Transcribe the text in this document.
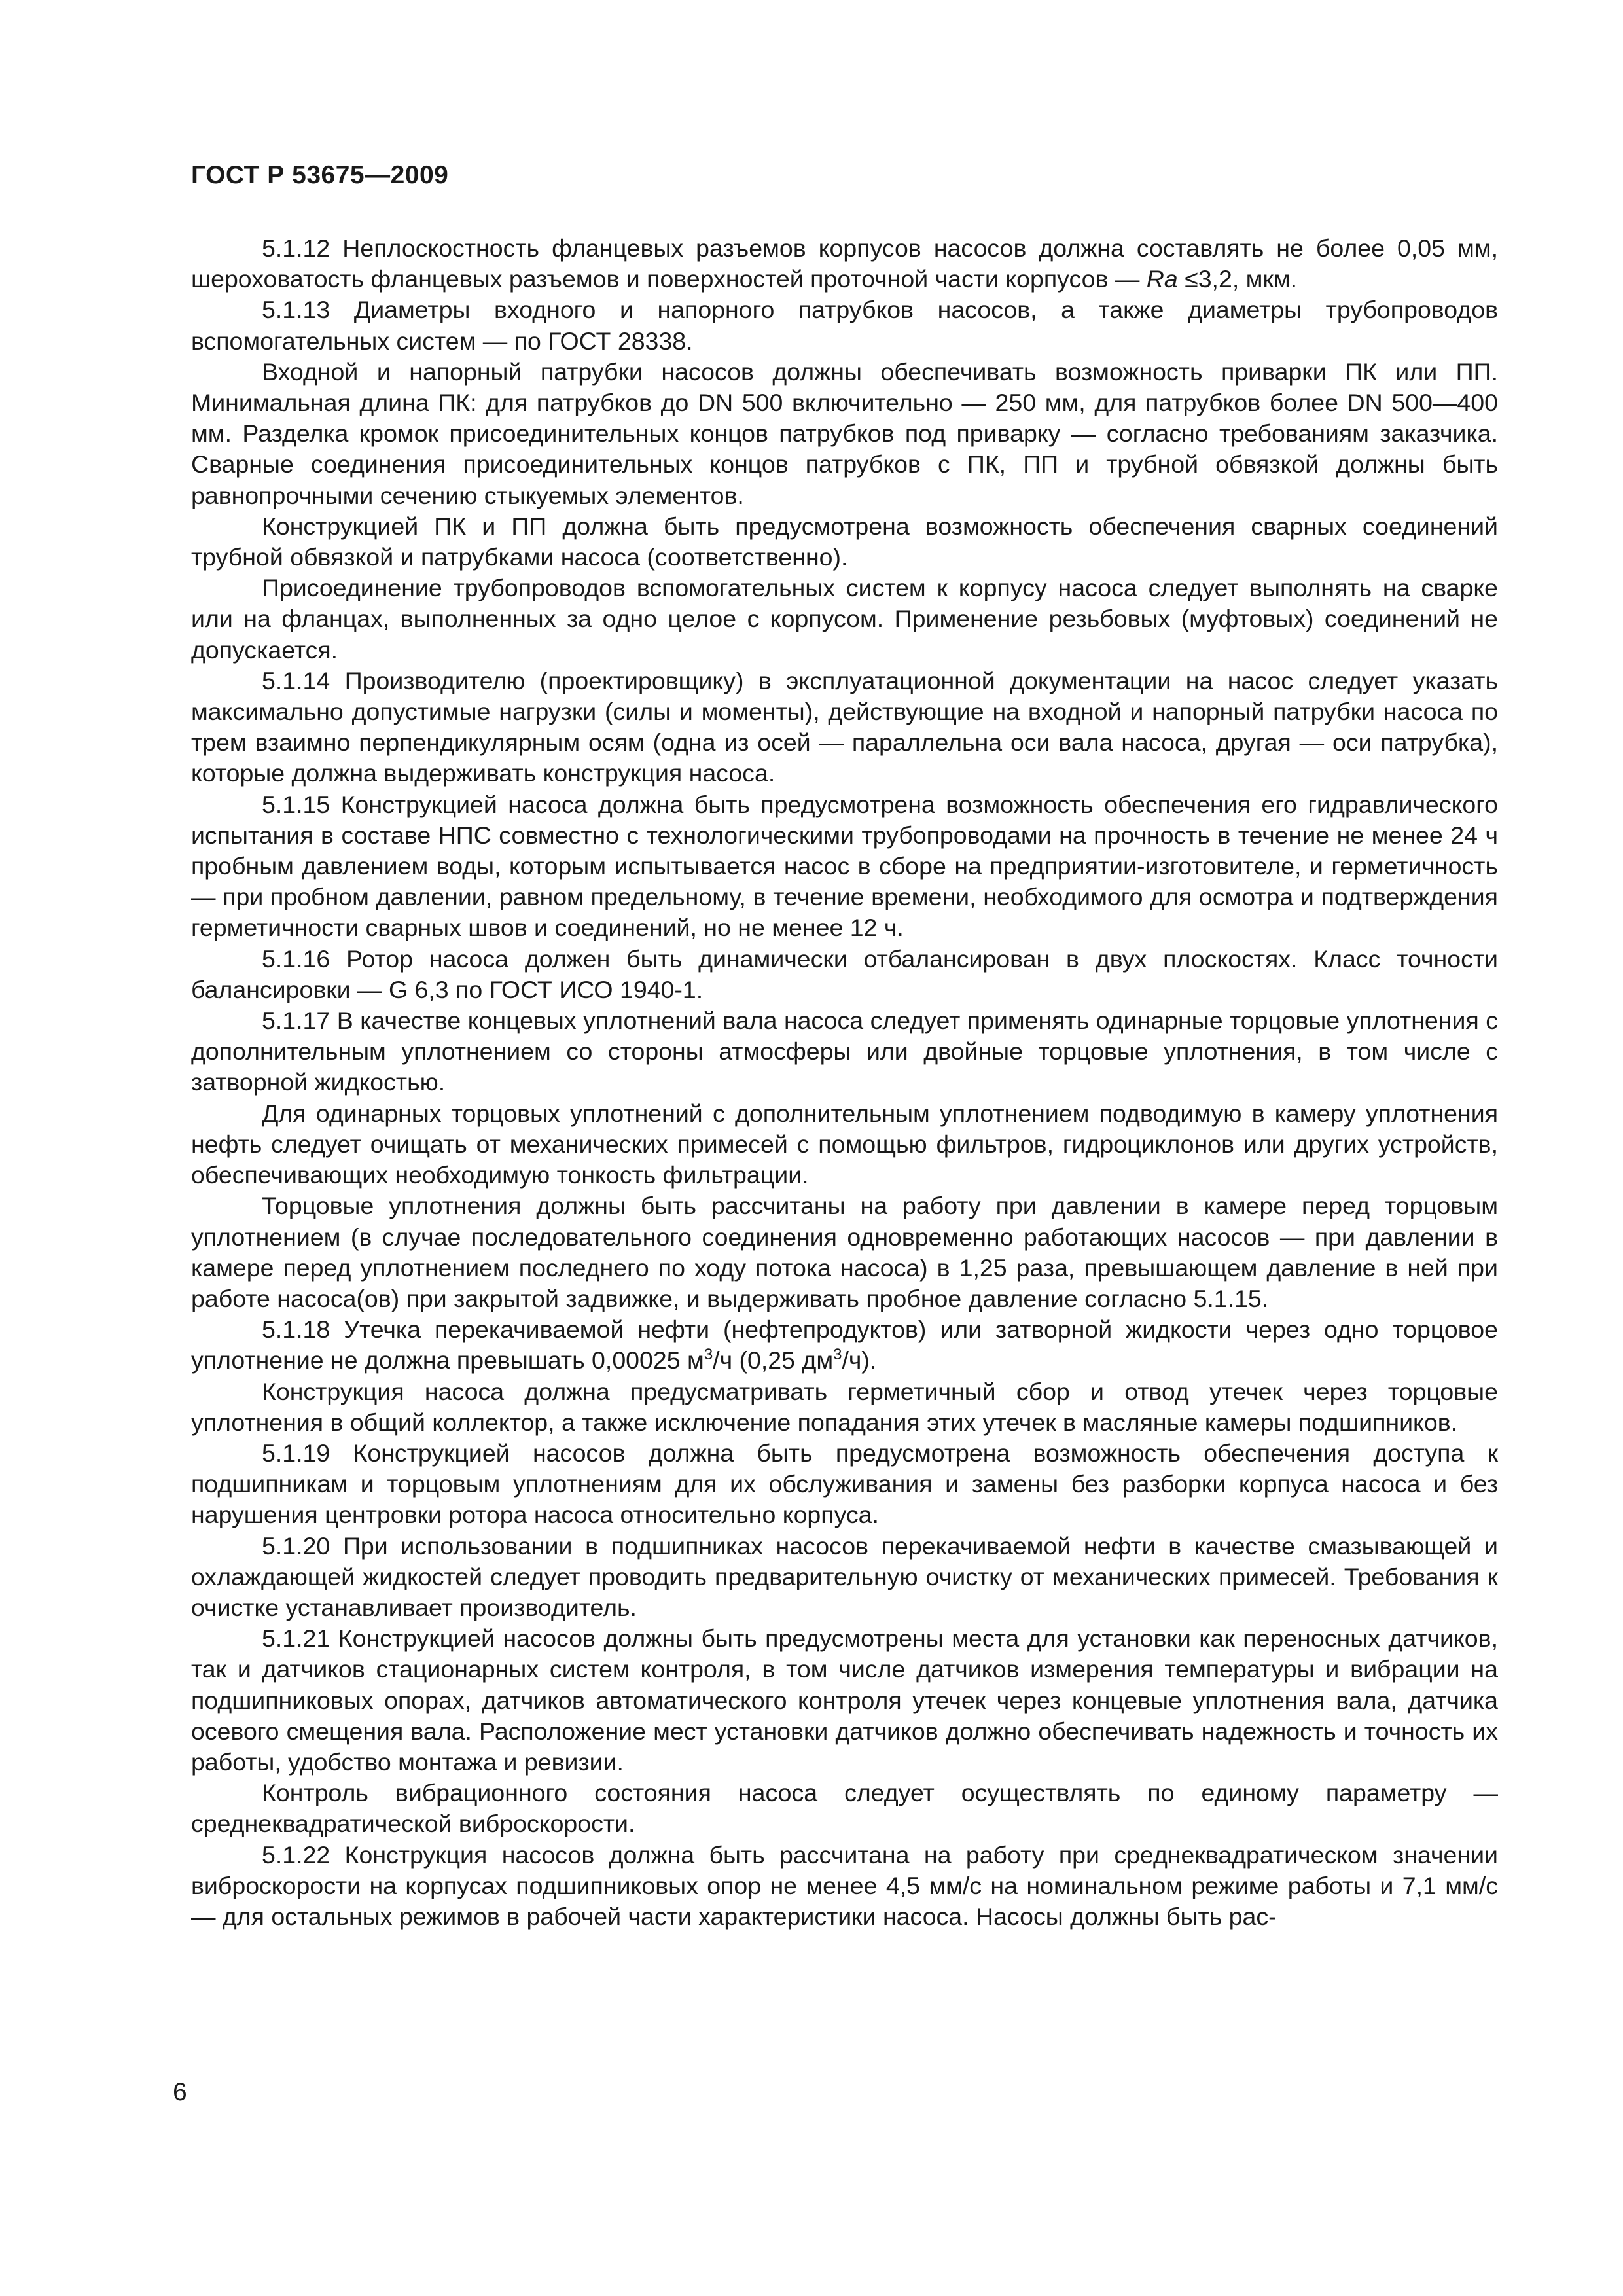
ГОСТ Р 53675—2009

5.1.12 Неплоскостность фланцевых разъемов корпусов насосов должна составлять не более 0,05 мм, шероховатость фланцевых разъемов и поверхностей проточной части корпусов — Ra ≤3,2, мкм.

5.1.13 Диаметры входного и напорного патрубков насосов, а также диаметры трубопроводов вспомогательных систем — по ГОСТ 28338.

Входной и напорный патрубки насосов должны обеспечивать возможность приварки ПК или ПП. Минимальная длина ПК: для патрубков до DN 500 включительно — 250 мм, для патрубков более DN 500—400 мм. Разделка кромок присоединительных концов патрубков под приварку — согласно требованиям заказчика. Сварные соединения присоединительных концов патрубков с ПК, ПП и трубной обвязкой должны быть равнопрочными сечению стыкуемых элементов.

Конструкцией ПК и ПП должна быть предусмотрена возможность обеспечения сварных соединений трубной обвязкой и патрубками насоса (соответственно).

Присоединение трубопроводов вспомогательных систем к корпусу насоса следует выполнять на сварке или на фланцах, выполненных за одно целое с корпусом. Применение резьбовых (муфтовых) соединений не допускается.

5.1.14 Производителю (проектировщику) в эксплуатационной документации на насос следует указать максимально допустимые нагрузки (силы и моменты), действующие на входной и напорный патрубки насоса по трем взаимно перпендикулярным осям (одна из осей — параллельна оси вала насоса, другая — оси патрубка), которые должна выдерживать конструкция насоса.

5.1.15 Конструкцией насоса должна быть предусмотрена возможность обеспечения его гидравлического испытания в составе НПС совместно с технологическими трубопроводами на прочность в течение не менее 24 ч пробным давлением воды, которым испытывается насос в сборе на предприятии-изготовителе, и герметичность — при пробном давлении, равном предельному, в течение времени, необходимого для осмотра и подтверждения герметичности сварных швов и соединений, но не менее 12 ч.

5.1.16 Ротор насоса должен быть динамически отбалансирован в двух плоскостях. Класс точности балансировки — G 6,3 по ГОСТ ИСО 1940-1.

5.1.17 В качестве концевых уплотнений вала насоса следует применять одинарные торцовые уплотнения с дополнительным уплотнением со стороны атмосферы или двойные торцовые уплотнения, в том числе с затворной жидкостью.

Для одинарных торцовых уплотнений с дополнительным уплотнением подводимую в камеру уплотнения нефть следует очищать от механических примесей с помощью фильтров, гидроциклонов или других устройств, обеспечивающих необходимую тонкость фильтрации.

Торцовые уплотнения должны быть рассчитаны на работу при давлении в камере перед торцовым уплотнением (в случае последовательного соединения одновременно работающих насосов — при давлении в камере перед уплотнением последнего по ходу потока насоса) в 1,25 раза, превышающем давление в ней при работе насоса(ов) при закрытой задвижке, и выдерживать пробное давление согласно 5.1.15.

5.1.18 Утечка перекачиваемой нефти (нефтепродуктов) или затворной жидкости через одно торцовое уплотнение не должна превышать 0,00025 $м^3/ч$ (0,25 $дм^3/ч$).

Конструкция насоса должна предусматривать герметичный сбор и отвод утечек через торцовые уплотнения в общий коллектор, а также исключение попадания этих утечек в масляные камеры подшипников.

5.1.19 Конструкцией насосов должна быть предусмотрена возможность обеспечения доступа к подшипникам и торцовым уплотнениям для их обслуживания и замены без разборки корпуса насоса и без нарушения центровки ротора насоса относительно корпуса.

5.1.20 При использовании в подшипниках насосов перекачиваемой нефти в качестве смазывающей и охлаждающей жидкостей следует проводить предварительную очистку от механических примесей. Требования к очистке устанавливает производитель.

5.1.21 Конструкцией насосов должны быть предусмотрены места для установки как переносных датчиков, так и датчиков стационарных систем контроля, в том числе датчиков измерения температуры и вибрации на подшипниковых опорах, датчиков автоматического контроля утечек через концевые уплотнения вала, датчика осевого смещения вала. Расположение мест установки датчиков должно обеспечивать надежность и точность их работы, удобство монтажа и ревизии.

Контроль вибрационного состояния насоса следует осуществлять по единому параметру — среднеквадратической виброскорости.

5.1.22 Конструкция насосов должна быть рассчитана на работу при среднеквадратическом значении виброскорости на корпусах подшипниковых опор не менее 4,5 мм/с на номинальном режиме работы и 7,1 мм/с — для остальных режимов в рабочей части характеристики насоса. Насосы должны быть рас-

6
